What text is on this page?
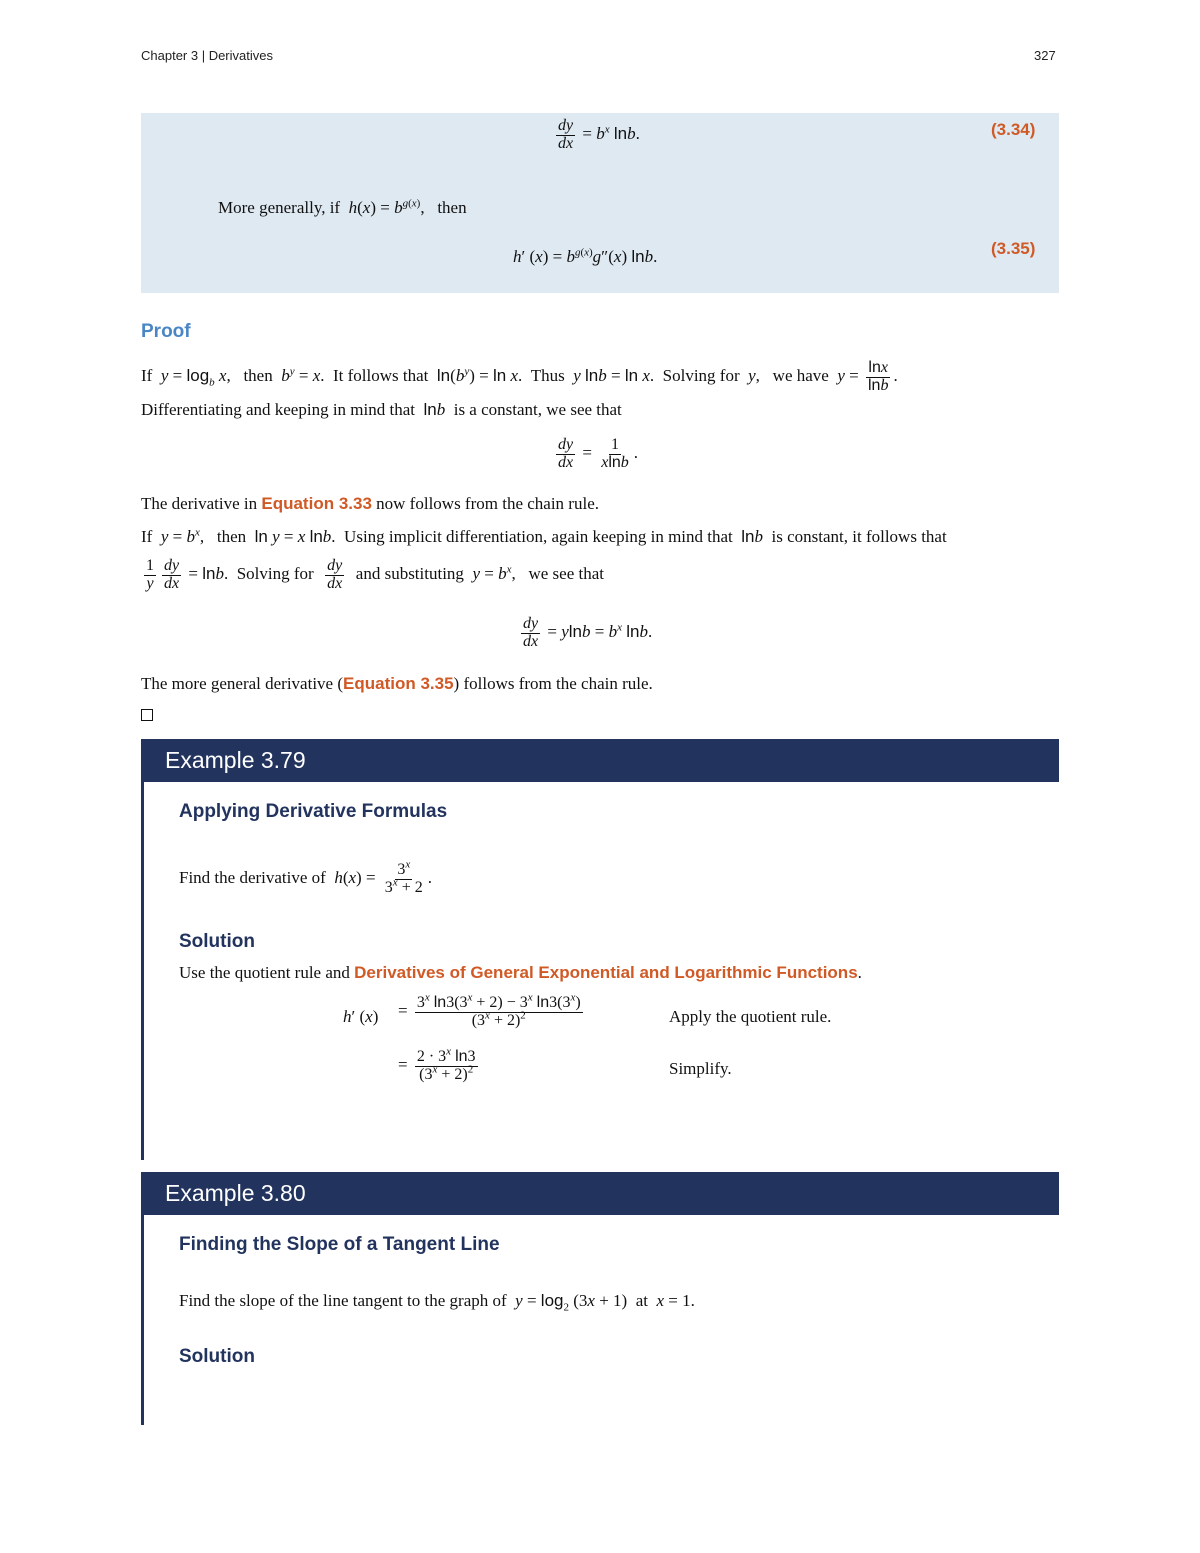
Chapter 3 | Derivatives	327
$\frac{dy}{dx} = b^x$ lnb.	(3.34)
More generally, if $h(x) = b^{g(x)}$,   then
h′ $(x) = b^{g(x)}g''(x)$ lnb.	(3.35)
Proof
If $y = \log_b x$,   then $b^y = x$.  It follows that $\ln(b^y) = \ln x$.  Thus y lnb = ln x.  Solving for y,   we have $y = \frac{\ln x}{\ln b}$ .
Differentiating and keeping in mind that lnb is a constant, we see that
$\frac{dy}{dx} = \frac{1}{xlnb}$ .
The derivative in Equation 3.33 now follows from the chain rule.
If $y = b^x$,   then ln y = x lnb.  Using implicit differentiation, again keeping in mind that lnb is constant, it follows that
$\frac{1}{y} \frac{dy}{dx} = \ln b$.  Solving for $\frac{dy}{dx}$ and substituting $y = b^x$,   we see that
$\frac{dy}{dx} = ylnb = b^x$ lnb.
The more general derivative (Equation 3.35) follows from the chain rule.
Example 3.79
Applying Derivative Formulas
Find the derivative of $h(x) = \frac{3^x}{3^x + 2}$ .
Solution
Use the quotient rule and Derivatives of General Exponential and Logarithmic Functions.
h′ $(x) = \frac{3^x \ln 3(3^x + 2) - 3^x \ln 3(3^x)}{(3^x + 2)^2}$	Apply the quotient rule.
= $\frac{2 \cdot 3^x \ln 3}{(3^x + 2)^2}$	Simplify.
Example 3.80
Finding the Slope of a Tangent Line
Find the slope of the line tangent to the graph of $y = \log_2 (3x + 1)$  at x = 1.
Solution
